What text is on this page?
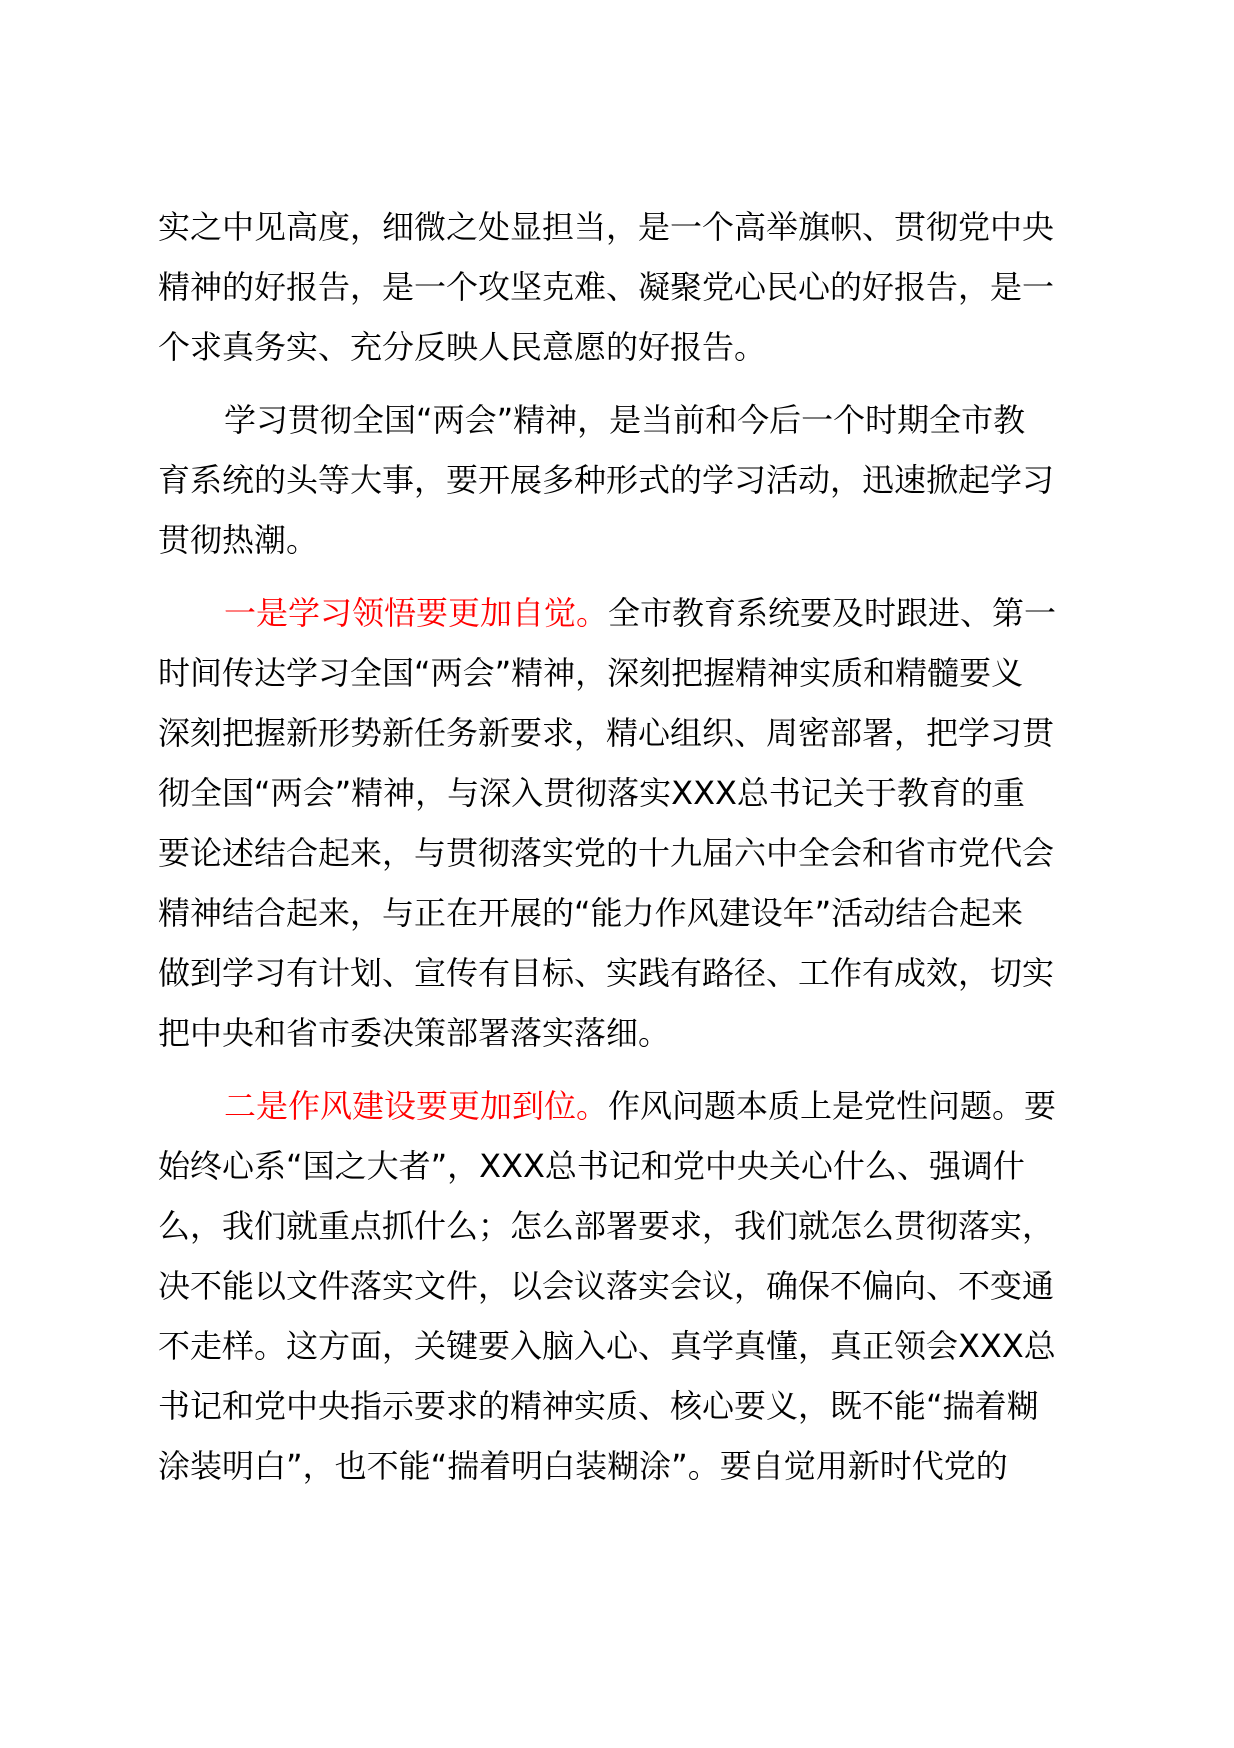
实之中见高度，细微之处显担当，是一个高举旗帜、贯彻党中央
精神的好报告，是一个攻坚克难、凝聚党心民心的好报告，是一
个求真务实、充分反映人民意愿的好报告。
学习贯彻全国“两会”精神，是当前和今后一个时期全市教
育系统的头等大事，要开展多种形式的学习活动，迅速掀起学习
贯彻热潮。
一是学习领悟要更加自觉。全市教育系统要及时跟进、第一
时间传达学习全国“两会”精神，深刻把握精神实质和精髓要义
深刻把握新形势新任务新要求，精心组织、周密部署，把学习贯
彻全国“两会”精神，与深入贯彻落实XXX总书记关于教育的重
要论述结合起来，与贯彻落实党的十九届六中全会和省市党代会
精神结合起来，与正在开展的“能力作风建设年”活动结合起来
做到学习有计划、宣传有目标、实践有路径、工作有成效，切实
把中央和省市委决策部署落实落细。
二是作风建设要更加到位。作风问题本质上是党性问题。要
始终心系“国之大者”，XXX总书记和党中央关心什么、强调什
么，我们就重点抓什么；怎么部署要求，我们就怎么贯彻落实，
决不能以文件落实文件，以会议落实会议，确保不偏向、不变通
不走样。这方面，关键要入脑入心、真学真懂，真正领会XXX总
书记和党中央指示要求的精神实质、核心要义，既不能“揣着糊
涂装明白”，也不能“揣着明白装糊涂”。要自觉用新时代党的
